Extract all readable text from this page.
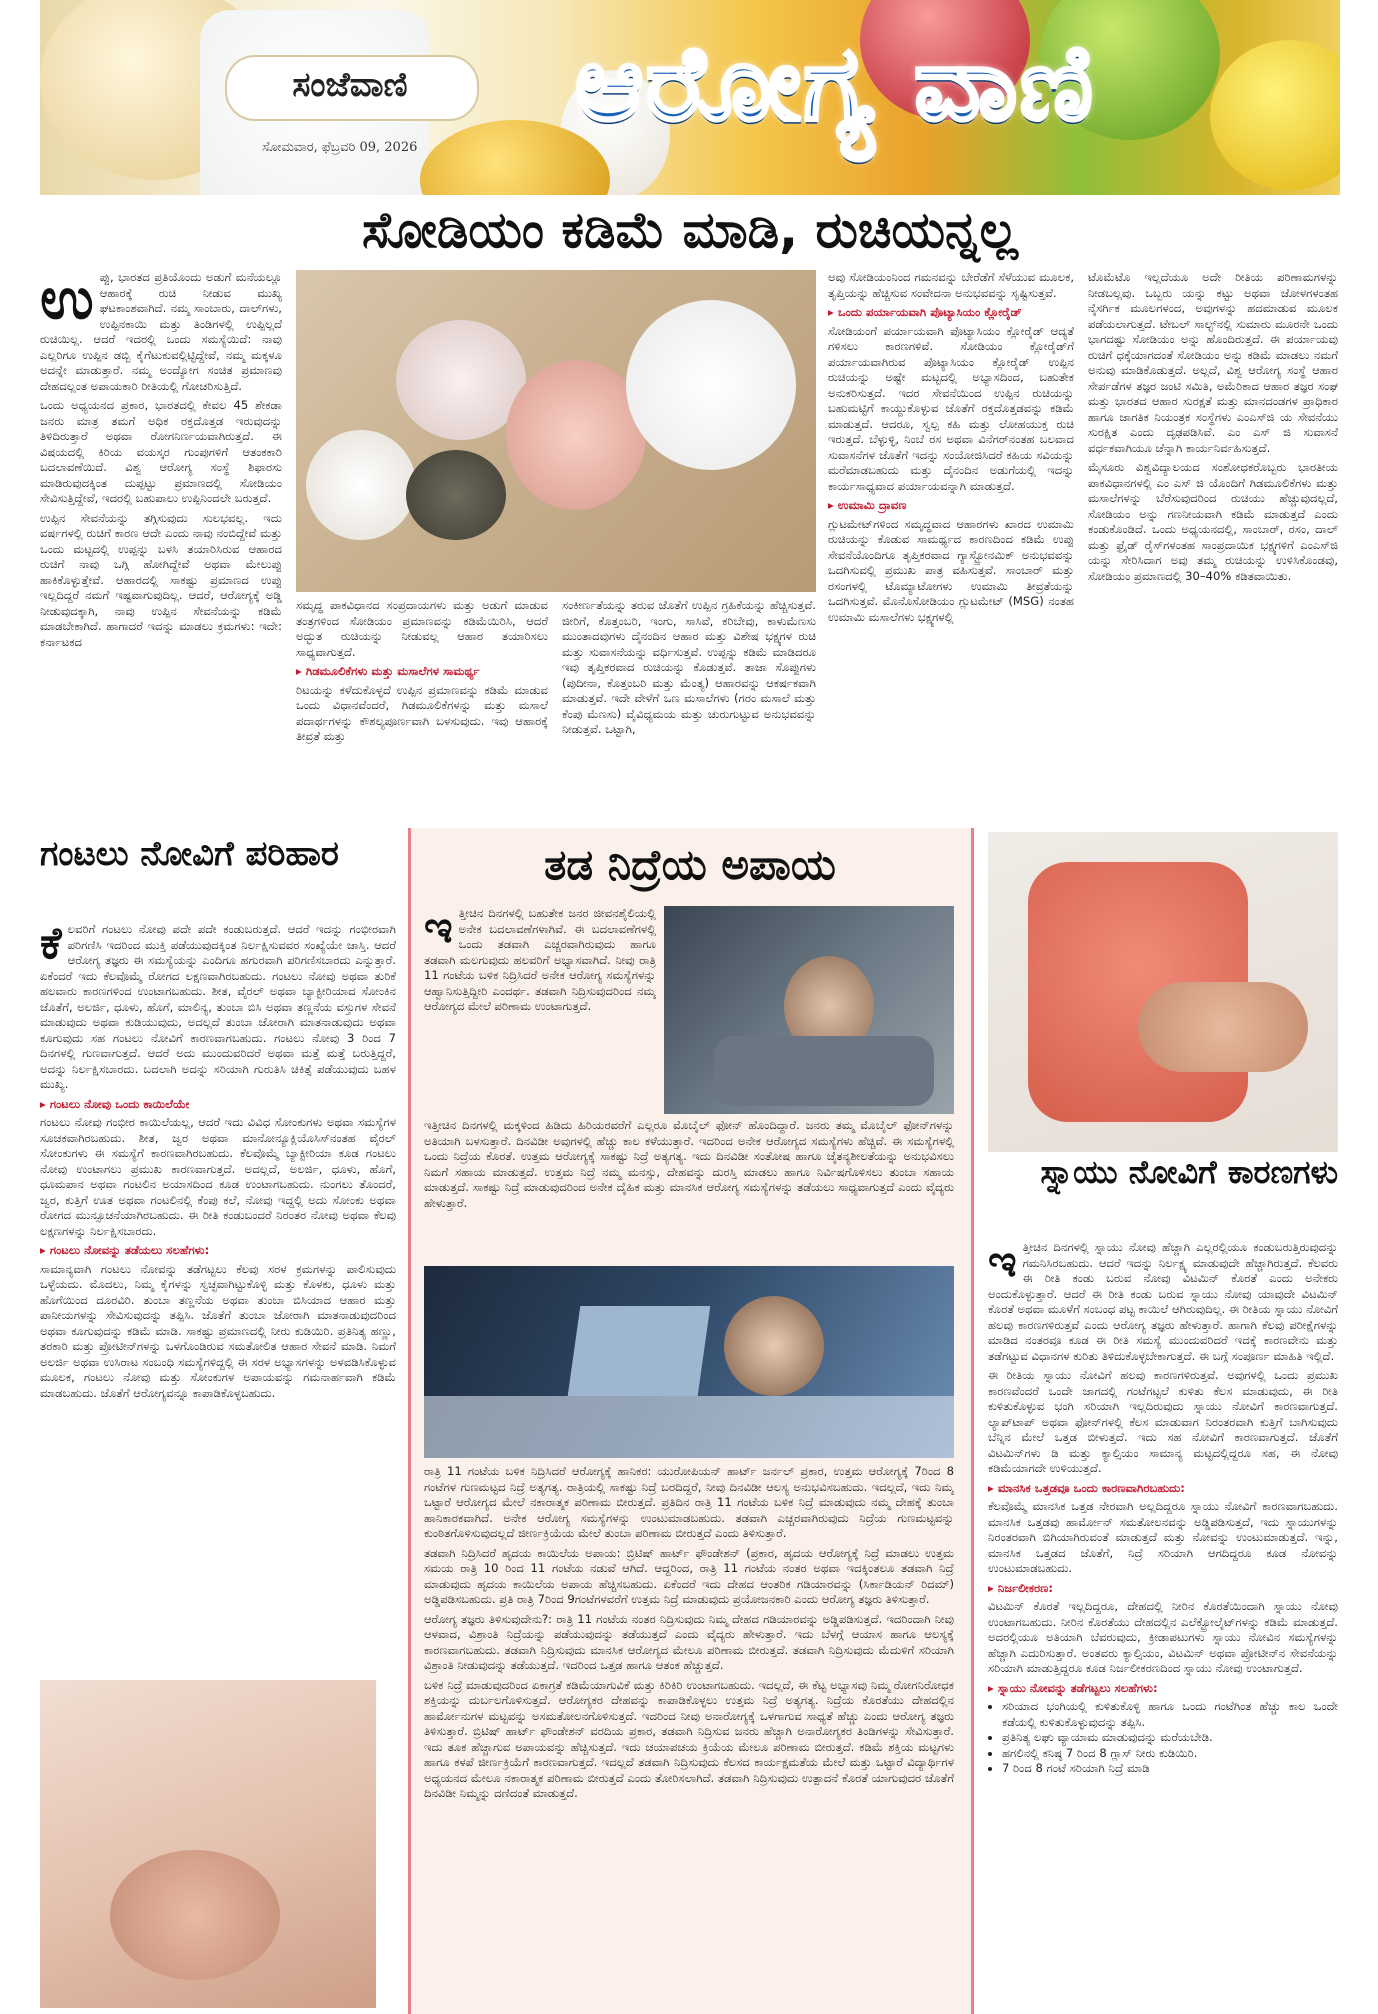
ಸಂಜೆವಾಣಿ
ಸೋಮವಾರ, ಫೆಬ್ರವರಿ 09, 2026
ಆರೋಗ್ಯ ವಾಣಿ
ಸೋಡಿಯಂ ಕಡಿಮೆ ಮಾಡಿ, ರುಚಿಯನ್ನಲ್ಲ
ಉ ಪ್ಪು, ಭಾರತದ ಪ್ರತಿಯೊಂದು ಅಡುಗೆ ಮನೆಯಲ್ಲೂ ಆಹಾರಕ್ಕೆ ರುಚಿ ನೀಡುವ ಮುಖ್ಯ ಘಟಕಾಂಶವಾಗಿದೆ. ನಮ್ಮ ಸಾಂಬಾರು, ದಾಲ್‌ಗಳು, ಉಪ್ಪಿನಕಾಯಿ ಮತ್ತು ತಿಂಡಿಗಳಲ್ಲಿ ಉಪ್ಪಿಲ್ಲದೆ ರುಚಿಯಿಲ್ಲ. ಆದರೆ ಇದರಲ್ಲಿ ಒಂದು ಸಮಸ್ಯೆಯಿದೆ: ನಾವು ಎಲ್ಲರಿಗೂ ಉಪ್ಪಿನ ಡಬ್ಬಿ ಕೈಗೆಟುಕುವಲ್ಲಿಟ್ಟಿದ್ದೇವೆ, ನಮ್ಮ ಮಕ್ಕಳೂ ಅದನ್ನೇ ಮಾಡುತ್ತಾರೆ. ನಮ್ಮ ಅಂದ್ಯೋಗ ಸಂಚಿತ ಪ್ರಮಾಣವು ದೇಹದಲ್ಲಂತ ಅಪಾಯಕಾರಿ ರೀತಿಯಲ್ಲಿ ಗೋಚರಿಸುತ್ತಿದೆ.

ಒಂದು ಅಧ್ಯಯನದ ಪ್ರಕಾರ, ಭಾರತದಲ್ಲಿ ಕೇವಲ 45 ಶೇಕಡಾ ಜನರು ಮಾತ್ರ ತಮಗೆ ಅಧಿಕ ರಕ್ತದೊತ್ತಡ ಇರುವುದನ್ನು ತಿಳಿದಿರುತ್ತಾರೆ ಅಥವಾ ರೋಗನಿರ್ಣಯವಾಗಿರುತ್ತದೆ. ಈ ವಿಷಯದಲ್ಲಿ ಕಿರಿಯ ವಯಸ್ಕರ ಗುಂಪುಗಳಿಗೆ ಆತಂಕಕಾರಿ ಬದಲಾವಣೆಯಿದೆ. ವಿಶ್ವ ಆರೋಗ್ಯ ಸಂಸ್ಥೆ ಶಿಫಾರಸು ಮಾಡಿರುವುದಕ್ಕಿಂತ ದುಪ್ಪಟ್ಟು ಪ್ರಮಾಣದಲ್ಲಿ ಸೋಡಿಯಂ ಸೇವಿಸುತ್ತಿದ್ದೇವೆ, ಇದರಲ್ಲಿ ಬಹುಪಾಲು ಉಪ್ಪಿನಿಂದಲೇ ಬರುತ್ತದೆ.

ಉಪ್ಪಿನ ಸೇವನೆಯನ್ನು ತಗ್ಗಿಸುವುದು ಸುಲಭವಲ್ಲ. ಇದು ವರ್ಷಗಳಲ್ಲಿ ರುಚಿಗೆ ಕಾರಣ ಆದೇ ಎಂದು ನಾವು ನಂಬಿದ್ದೇವೆ ಮತ್ತು ಒಂದು ಮಟ್ಟದಲ್ಲಿ ಉಪ್ಪನ್ನು ಬಳಸಿ ತಯಾರಿಸಿರುವ ಆಹಾರದ ರುಚಿಗೆ ನಾವು ಒಗ್ಗಿ ಹೋಗಿದ್ದೇವೆ ಅಥವಾ ಮೇಲುಪ್ಪು ಹಾಕಿಕೊಳ್ಳುತ್ತೇವೆ. ಆಹಾರದಲ್ಲಿ ಸಾಕಷ್ಟು ಪ್ರಮಾಣದ ಉಪ್ಪು ಇಲ್ಲದಿದ್ದರೆ ನಮಗೆ ಇಷ್ಟವಾಗುವುದಿಲ್ಲ. ಆದರೆ, ಆರೋಗ್ಯಕ್ಕೆ ಅಡ್ಡಿ ನೀಡುವುದಕ್ಕಾಗಿ, ನಾವು ಉಪ್ಪಿನ ಸೇವನೆಯನ್ನು ಕಡಿಮೆ ಮಾಡಬೇಕಾಗಿದೆ. ಹಾಗಾದರೆ ಇದನ್ನು ಮಾಡಲು ಕ್ರಮಗಳು: ಇದೇ: ಕರ್ನಾಟಕದ

ಸಮೃದ್ಧ ಪಾಕವಿಧಾನದ ಸಂಪ್ರದಾಯಗಳು ಮತ್ತು ಅಡುಗೆ ಮಾಡುವ ತಂತ್ರಗಳಿಂದ ಸೋಡಿಯಂ ಪ್ರಮಾಣವನ್ನು ಕಡಿಮೆಯಿರಿಸಿ, ಆದರೆ ಅದ್ಭುತ ರುಚಿಯನ್ನು ನೀಡುವಲ್ಲ ಆಹಾರ ತಯಾರಿಸಲು ಸಾಧ್ಯವಾಗುತ್ತದೆ.

▸ ಗಿಡಮೂಲಿಕೆಗಳು ಮತ್ತು ಮಸಾಲೆಗಳ ಸಾಮರ್ಥ್ಯ

ರಿಟಯನ್ನು ಕಳೆದುಕೊಳ್ಳದೆ ಉಪ್ಪಿನ ಪ್ರಮಾಣವನ್ನು ಕಡಿಮೆ ಮಾಡುವ ಒಂದು ವಿಧಾನವೆಂದರೆ, ಗಿಡಮೂಲಿಕೆಗಳನ್ನು ಮತ್ತು ಮಸಾಲೆ ಪದಾರ್ಥಗಳನ್ನು ಕೌಶಲ್ಯಪೂರ್ಣವಾಗಿ ಬಳಸುವುದು. ಇವು ಆಹಾರಕ್ಕೆ ತೀವ್ರತೆ ಮತ್ತು

ಸಂಕೀರ್ಣತೆಯನ್ನು ತರುವ ಜೊತೆಗೆ ಉಪ್ಪಿನ ಗ್ರಹಿಕೆಯನ್ನು ಹೆಚ್ಚಿಸುತ್ತವೆ. ಜೀರಿಗೆ, ಕೊತ್ತಂಬರಿ, ಇಂಗು, ಸಾಸಿವೆ, ಕರಿಬೇವು, ಕಾಳುಮೆಣಸು ಮುಂತಾದವುಗಳು ದೈನಂದಿನ ಆಹಾರ ಮತ್ತು ವಿಶೇಷ ಭಕ್ಷ್ಯಗಳ ರುಚಿ ಮತ್ತು ಸುವಾಸನೆಯನ್ನು ವರ್ಧಿಸುತ್ತವೆ. ಉಪ್ಪನ್ನು ಕಡಿಮೆ ಮಾಡಿದರೂ ಇವು ತೃಪ್ತಿಕರವಾದ ರುಚಿಯನ್ನು ಕೊಡುತ್ತವೆ. ತಾಜಾ ಸೊಪ್ಪುಗಳು (ಪುದೀನಾ, ಕೊತ್ತಂಬರಿ ಮತ್ತು ಮೆಂತ್ಯ) ಆಹಾರವನ್ನು ಆಕರ್ಷಕವಾಗಿ ಮಾಡುತ್ತವೆ. ಇದೇ ವೇಳೆಗೆ ಒಣ ಮಸಾಲೆಗಳು (ಗರಂ ಮಸಾಲೆ ಮತ್ತು ಕೆಂಪು ಮೆಣಸು) ವೈವಿಧ್ಯಮಯ ಮತ್ತು ಚುರುಗುಟ್ಟುವ ಅನುಭವವನ್ನು ನೀಡುತ್ತವೆ. ಒಟ್ಟಾಗಿ,

ಅವು ಸೋಡಿಯಂನಿಂದ ಗಮನವನ್ನು ಬೇರೆಡೆಗೆ ಸೆಳೆಯುವ ಮೂಲಕ, ತೃಪ್ತಿಯನ್ನು ಹೆಚ್ಚಿಸುವ ಸಂವೇದನಾ ಅನುಭವವನ್ನು ಸೃಷ್ಟಿಸುತ್ತವೆ.

▸ ಒಂದು ಪರ್ಯಾಯವಾಗಿ ಪೊಟ್ಯಾಸಿಯಂ ಕ್ಲೋರೈಡ್

ಸೋಡಿಯಂಗೆ ಪರ್ಯಾಯವಾಗಿ ಪೊಟ್ಯಾಸಿಯಂ ಕ್ಲೋರೈಡ್ ಆದ್ಯತೆ ಗಳಿಸಲು ಕಾರಣಗಳಿವೆ. ಸೋಡಿಯಂ ಕ್ಲೋರೈಡ್‌ಗೆ ಪರ್ಯಾಯವಾಗಿರುವ ಪೊಟ್ಯಾಸಿಯಂ ಕ್ಲೋರೈಡ್ ಉಪ್ಪಿನ ರುಚಿಯನ್ನು ಅಷ್ಟೇ ಮಟ್ಟದಲ್ಲಿ ಅಭ್ಯಾಸದಿಂದ, ಬಹುತೇಕ ಅನುಕರಿಸುತ್ತದೆ. ಇದರ ಸೇವನೆಯಿಂದ ಉಪ್ಪಿನ ರುಚಿಯನ್ನು ಬಹುಮಟ್ಟಿಗೆ ಕಾಯ್ದುಕೊಳ್ಳುವ ಜೊತೆಗೆ ರಕ್ತದೊತ್ತಡವನ್ನು ಕಡಿಮೆ ಮಾಡುತ್ತದೆ. ಆದರೂ, ಸ್ವಲ್ಪ ಕಹಿ ಮತ್ತು ಲೋಹಯುಕ್ತ ರುಚಿ ಇರುತ್ತದೆ. ಬೆಳ್ಳುಳ್ಳಿ, ನಿಂಬೆ ರಸ ಅಥವಾ ವಿನೆಗರ್‌ನಂತಹ ಬಲವಾದ ಸುವಾಸನೆಗಳ ಜೊತೆಗೆ ಇದನ್ನು ಸಂಯೋಜಿಸಿದರೆ ಕಹಿಯ ಸವಿಯನ್ನು ಮರೆಮಾಡಬಹುದು ಮತ್ತು ದೈನಂದಿನ ಅಡುಗೆಯಲ್ಲಿ ಇದನ್ನು ಕಾರ್ಯಸಾಧ್ಯವಾದ ಪರ್ಯಾಯವನ್ನಾಗಿ ಮಾಡುತ್ತದೆ.

▸ ಉಮಾಮಿ ದ್ರಾವಣ

ಗ್ಲುಟಮೇಟ್‌ಗಳಿಂದ ಸಮೃದ್ಧವಾದ ಆಹಾರಗಳು ಖಾರದ ಉಮಾಮಿ ರುಚಿಯನ್ನು ಕೊಡುವ ಸಾಮರ್ಥ್ಯದ ಕಾರಣದಿಂದ ಕಡಿಮೆ ಉಪ್ಪು ಸೇವನೆಯೊಂದಿಗೂ ತೃಪ್ತಿಕರವಾದ ಗ್ಯಾಸ್ಟ್ರೋನಮಿಕ್ ಅನುಭವವನ್ನು ಒದಗಿಸುವಲ್ಲಿ ಪ್ರಮುಖ ಪಾತ್ರ ವಹಿಸುತ್ತವೆ. ಸಾಂಬಾರ್ ಮತ್ತು ರಸಂಗಳಲ್ಲಿ ಟೊಮ್ಯಾಟೋಗಳು ಉಮಾಮಿ ತೀವ್ರತೆಯನ್ನು ಒದಗಿಸುತ್ತವೆ. ಮೊನೊಸೋಡಿಯಂ ಗ್ಲುಟಮೇಟ್ (MSG) ನಂತಹ ಉಮಾಮಿ ಮಸಾಲೆಗಳು ಭಕ್ಷ್ಯಗಳಲ್ಲಿ

ಟೊಮೆಟೊ ಇಲ್ಲದೆಯೂ ಅದೇ ರೀತಿಯ ಪರಿಣಾಮಗಳನ್ನು ನೀಡಬಲ್ಲವು. ಒಬ್ಬರು ಯನ್ನು ಕಟ್ಟು ಅಥವಾ ಜೋಳಗಳಂತಹ ನೈಸರ್ಗಿಕ ಮೂಲಗಳಂದ, ಅವುಗಳನ್ನು ಹದಮಾಡುವ ಮೂಲಕ ಪಡೆಯಲಾಗುತ್ತದೆ. ಟೇಬಲ್ ಸಾಲ್ಟ್‌ನಲ್ಲಿ ಸುಮಾರು ಮೂರನೇ ಒಂದು ಭಾಗದಷ್ಟು ಸೋಡಿಯಂ ಅನ್ನು ಹೊಂದಿರುತ್ತದೆ. ಈ ಪರ್ಯಾಯವು ರುಚಿಗೆ ಧಕ್ಕೆಯಾಗದಂತೆ ಸೋಡಿಯಂ ಅನ್ನು ಕಡಿಮೆ ಮಾಡಲು ನಮಗೆ ಅನುವು ಮಾಡಿಕೊಡುತ್ತದೆ. ಅಲ್ಲದೆ, ವಿಶ್ವ ಆರೋಗ್ಯ ಸಂಸ್ಥೆ ಆಹಾರ ಸೇರ್ಪಡೆಗಳ ತಜ್ಞರ ಜಂಟಿ ಸಮಿತಿ, ಅಮೆರಿಕಾದ ಆಹಾರ ತಜ್ಞರ ಸಂಘ ಮತ್ತು ಭಾರತದ ಆಹಾರ ಸುರಕ್ಷತೆ ಮತ್ತು ಮಾನದಂಡಗಳ ಪ್ರಾಧಿಕಾರ ಹಾಗೂ ಜಾಗತಿಕ ನಿಯಂತ್ರಕ ಸಂಸ್ಥೆಗಳು ಎಂಎಸ್‌ಜಿ ಯ ಸೇವನೆಯು ಸುರಕ್ಷಿತ ಎಂದು ದೃಢಪಡಿಸಿವೆ. ಎಂ ಎಸ್ ಜಿ ಸುವಾಸನೆ ವರ್ಧಕವಾಗಿಯೂ ಚೆನ್ನಾಗಿ ಕಾರ್ಯನಿರ್ವಹಿಸುತ್ತದೆ.

ಮೈಸೂರು ವಿಶ್ವವಿದ್ಯಾಲಯದ ಸಂಶೋಧಕರೊಬ್ಬರು ಭಾರತೀಯ ಪಾಕವಿಧಾನಗಳಲ್ಲಿ ಎಂ ಎಸ್ ಜಿ ಯೊಂದಿಗೆ ಗಿಡಮೂಲಿಕೆಗಳು ಮತ್ತು ಮಸಾಲೆಗಳನ್ನು ಬೆರೆಸುವುದರಿಂದ ರುಚಿಯು ಹೆಚ್ಚುವುದಲ್ಲದೆ, ಸೋಡಿಯಂ ಅನ್ನು ಗಣನೀಯವಾಗಿ ಕಡಿಮೆ ಮಾಡುತ್ತದೆ ಎಂದು ಕಂಡುಕೊಂಡಿದೆ. ಒಂದು ಅಧ್ಯಯನದಲ್ಲಿ, ಸಾಂಬಾರ್, ರಸಂ, ದಾಲ್ ಮತ್ತು ಫ್ರೈಡ್ ರೈಸ್‌ಗಳಂತಹ ಸಾಂಪ್ರದಾಯಿಕ ಭಕ್ಷ್ಯಗಳಿಗೆ ಎಂಎಸ್‌ಜಿ ಯನ್ನು ಸೇರಿಸಿದಾಗ ಅವು ತಮ್ಮ ರುಚಿಯನ್ನು ಉಳಿಸಿಕೊಂಡವು, ಸೋಡಿಯಂ ಪ್ರಮಾಣದಲ್ಲಿ 30–40% ಕಡಿತವಾಯಿತು.

ಗಂಟಲು ನೋವಿಗೆ ಪರಿಹಾರ
ಕೆ ಲವರಿಗೆ ಗಂಟಲು ನೋವು ಪದೇ ಪದೇ ಕಂಡುಬರುತ್ತದೆ. ಆದರೆ ಇದನ್ನು ಗಂಭೀರವಾಗಿ ಪರಿಗಣಿಸಿ ಇದರಿಂದ ಮುಕ್ತಿ ಪಡೆಯುವುದಕ್ಕಿಂತ ನಿರ್ಲಕ್ಷಿಸುವವರ ಸಂಖ್ಯೆಯೇ ಜಾಸ್ತಿ. ಆದರೆ ಆರೋಗ್ಯ ತಜ್ಞರು ಈ ಸಮಸ್ಯೆಯನ್ನು ಎಂದಿಗೂ ಹಗುರವಾಗಿ ಪರಿಗಣಿಸಬಾರದು ಎನ್ನುತ್ತಾರೆ. ಏಕೆಂದರೆ ಇದು ಕೆಲವೊಮ್ಮೆ ರೋಗದ ಲಕ್ಷಣವಾಗಿರಬಹುದು. ಗಂಟಲು ನೋವು ಅಥವಾ ತುರಿಕೆ ಹಲವಾರು ಕಾರಣಗಳಿಂದ ಉಂಟಾಗಬಹುದು. ಶೀತ, ವೈರಲ್ ಅಥವಾ ಬ್ಯಾಕ್ಟೀರಿಯಾದ ಸೋಂಕಿನ ಜೊತೆಗೆ, ಅಲರ್ಜಿ, ಧೂಳು, ಹೊಗೆ, ಮಾಲಿನ್ಯ, ತುಂಬಾ ಬಿಸಿ ಅಥವಾ ತಣ್ಣನೆಯ ವಸ್ತುಗಳ ಸೇವನೆ ಮಾಡುವುದು ಅಥವಾ ಕುಡಿಯುವುದು, ಅದಲ್ಲದೆ ತುಂಬಾ ಜೋರಾಗಿ ಮಾತನಾಡುವುದು ಅಥವಾ ಕೂಗುವುದು ಸಹ ಗಂಟಲು ನೋವಿಗೆ ಕಾರಣವಾಗಬಹುದು. ಗಂಟಲು ನೋವು 3 ರಿಂದ 7 ದಿನಗಳಲ್ಲಿ ಗುಣವಾಗುತ್ತದೆ. ಆದರೆ ಅದು ಮುಂದುವರಿದರೆ ಅಥವಾ ಮತ್ತೆ ಮತ್ತೆ ಬರುತ್ತಿದ್ದರೆ, ಅದನ್ನು ನಿರ್ಲಕ್ಷಿಸಬಾರದು. ಬದಲಾಗಿ ಅದನ್ನು ಸರಿಯಾಗಿ ಗುರುತಿಸಿ ಚಿಕಿತ್ಸೆ ಪಡೆಯುವುದು ಬಹಳ ಮುಖ್ಯ.

▸ ಗಂಟಲು ನೋವು ಒಂದು ಕಾಯಿಲೆಯೇ

ಗಂಟಲು ನೋವು ಗಂಭೀರ ಕಾಯಿಲೆಯಲ್ಲ, ಆದರೆ ಇದು ವಿವಿಧ ಸೋಂಕುಗಳು ಅಥವಾ ಸಮಸ್ಯೆಗಳ ಸೂಚಕವಾಗಿರಬಹುದು. ಶೀತ, ಜ್ವರ ಅಥವಾ ಮಾನೋನ್ಯೂಕ್ಲಿಯೊಸಿಸ್‌ನಂತಹ ವೈರಲ್ ಸೋಂಕುಗಳು ಈ ಸಮಸ್ಯೆಗೆ ಕಾರಣವಾಗಿರಬಹುದು. ಕೆಲವೊಮ್ಮೆ ಬ್ಯಾಕ್ಟೀರಿಯಾ ಕೂಡ ಗಂಟಲು ನೋವು ಉಂಟಾಗಲು ಪ್ರಮುಖ ಕಾರಣವಾಗುತ್ತದೆ. ಅದಲ್ಲದೆ, ಅಲರ್ಜಿ, ಧೂಳು, ಹೊಗೆ, ಧೂಮಪಾನ ಅಥವಾ ಗಂಟಲಿನ ಅಯಾಸದಿಂದ ಕೂಡ ಉಂಟಾಗಬಹುದು. ನುಂಗಲು ತೊಂದರೆ, ಜ್ವರ, ಕುತ್ತಿಗೆ ಊತ ಅಥವಾ ಗಂಟಲಿನಲ್ಲಿ ಕೆಂಪು ಕಲೆ, ನೋವು ಇದ್ದಲ್ಲಿ ಅದು ಸೋಂಕು ಅಥವಾ ರೋಗದ ಮುನ್ಸೂಚನೆಯಾಗಿರಬಹುದು. ಈ ರೀತಿ ಕಂಡುಬಂದರೆ ನಿರಂತರ ನೋವು ಅಥವಾ ಕೆಲವು ಲಕ್ಷಣಗಳನ್ನು ನಿರ್ಲಕ್ಷಿಸಬಾರದು.

▸ ಗಂಟಲು ನೋವನ್ನು ತಡೆಯಲು ಸಲಹೆಗಳು:

ಸಾಮಾನ್ಯವಾಗಿ ಗಂಟಲು ನೋವನ್ನು ತಡೆಗಟ್ಟಲು ಕೆಲವು ಸರಳ ಕ್ರಮಗಳನ್ನು ಪಾಲಿಸುವುದು ಒಳ್ಳೆಯದು. ಮೊದಲು, ನಿಮ್ಮ ಕೈಗಳನ್ನು ಸ್ವಚ್ಛವಾಗಿಟ್ಟುಕೊಳ್ಳಿ ಮತ್ತು ಕೊಳಕು, ಧೂಳು ಮತ್ತು ಹೊಗೆಯಿಂದ ದೂರವಿರಿ. ತುಂಬಾ ತಣ್ಣನೆಯ ಅಥವಾ ತುಂಬಾ ಬಿಸಿಯಾದ ಆಹಾರ ಮತ್ತು ಪಾನೀಯಗಳನ್ನು ಸೇವಿಸುವುದನ್ನು ತಪ್ಪಿಸಿ. ಜೊತೆಗೆ ತುಂಬಾ ಜೋರಾಗಿ ಮಾತನಾಡುವುದರಿಂದ ಅಥವಾ ಕೂಗುವುದನ್ನು ಕಡಿಮೆ ಮಾಡಿ. ಸಾಕಷ್ಟು ಪ್ರಮಾಣದಲ್ಲಿ ನೀರು ಕುಡಿಯಿರಿ. ಪ್ರತಿನಿತ್ಯ ಹಣ್ಣು, ತರಕಾರಿ ಮತ್ತು ಪ್ರೋಟೀನ್‌ಗಳನ್ನು ಒಳಗೊಂಡಿರುವ ಸಮತೋಲಿತ ಆಹಾರ ಸೇವನೆ ಮಾಡಿ. ನಿಮಗೆ ಅಲರ್ಜಿ ಅಥವಾ ಉಸಿರಾಟ ಸಂಬಂಧಿ ಸಮಸ್ಯೆಗಳಿದ್ದಲ್ಲಿ ಈ ಸರಳ ಅಭ್ಯಾಸಗಳನ್ನು ಅಳವಡಿಸಿಕೊಳ್ಳುವ ಮೂಲಕ, ಗಂಟಲು ನೋವು ಮತ್ತು ಸೋಂಕುಗಳ ಅಪಾಯವನ್ನು ಗಮನಾರ್ಹವಾಗಿ ಕಡಿಮೆ ಮಾಡಬಹುದು. ಜೊತೆಗೆ ಆರೋಗ್ಯವನ್ನೂ ಕಾಪಾಡಿಕೊಳ್ಳಬಹುದು.

ತಡ ನಿದ್ರೆಯ ಅಪಾಯ
ಇ ತ್ತೀಚಿನ ದಿನಗಳಲ್ಲಿ ಬಹುತೇಕ ಜನರ ಜೀವನಶೈಲಿಯಲ್ಲಿ ಅನೇಕ ಬದಲಾವಣೆಗಳಾಗಿವೆ. ಈ ಬದಲಾವಣೆಗಳಲ್ಲಿ ಒಂದು ತಡವಾಗಿ ಎಚ್ಚರವಾಗಿರುವುದು ಹಾಗೂ ತಡವಾಗಿ ಮಲಗುವುದು ಹಲವರಿಗೆ ಅಭ್ಯಾಸವಾಗಿದೆ. ನೀವು ರಾತ್ರಿ 11 ಗಂಟೆಯ ಬಳಿಕ ನಿದ್ರಿಸಿದರೆ ಅನೇಕ ಆರೋಗ್ಯ ಸಮಸ್ಯೆಗಳನ್ನು ಆಹ್ವಾನಿಸುತ್ತಿದ್ದೀರಿ ಎಂದರ್ಥ. ತಡವಾಗಿ ನಿದ್ರಿಸುವುದರಿಂದ ನಮ್ಮ ಆರೋಗ್ಯದ ಮೇಲೆ ಪರಿಣಾಮ ಉಂಟಾಗುತ್ತದೆ.

ಇತ್ತೀಚಿನ ದಿನಗಳಲ್ಲಿ ಮಕ್ಕಳಿಂದ ಹಿಡಿದು ಹಿರಿಯರವರೆಗೆ ಎಲ್ಲರೂ ಮೊಬೈಲ್ ಫೋನ್ ಹೊಂದಿದ್ದಾರೆ. ಜನರು ತಮ್ಮ ಮೊಬೈಲ್ ಫೋನ್‌ಗಳನ್ನು ಅತಿಯಾಗಿ ಬಳಸುತ್ತಾರೆ. ದಿನವಿಡೀ ಅವುಗಳಲ್ಲಿ ಹೆಚ್ಚು ಕಾಲ ಕಳೆಯುತ್ತಾರೆ. ಇದರಿಂದ ಅನೇಕ ಆರೋಗ್ಯದ ಸಮಸ್ಯೆಗಳು ಹೆಚ್ಚಿವೆ. ಈ ಸಮಸ್ಯೆಗಳಲ್ಲಿ ಒಂದು ನಿದ್ರೆಯ ಕೊರತೆ. ಉತ್ತಮ ಆರೋಗ್ಯಕ್ಕೆ ಸಾಕಷ್ಟು ನಿದ್ರೆ ಅತ್ಯಗತ್ಯ. ಇದು ದಿನವಿಡೀ ಸಂತೋಷ ಹಾಗೂ ಚೈತನ್ಯಶೀಲತೆಯನ್ನು ಅನುಭವಿಸಲು ನಿಮಗೆ ಸಹಾಯ ಮಾಡುತ್ತದೆ. ಉತ್ತಮ ನಿದ್ರೆ ನಮ್ಮ ಮನಸ್ಸು, ದೇಹವನ್ನು ದುರಸ್ತಿ ಮಾಡಲು ಹಾಗೂ ನಿರ್ವಿಷಗೊಳಿಸಲು ತುಂಬಾ ಸಹಾಯ ಮಾಡುತ್ತದೆ. ಸಾಕಷ್ಟು ನಿದ್ರೆ ಮಾಡುವುದರಿಂದ ಅನೇಕ ದೈಹಿಕ ಮತ್ತು ಮಾನಸಿಕ ಆರೋಗ್ಯ ಸಮಸ್ಯೆಗಳನ್ನು ತಡೆಯಲು ಸಾಧ್ಯವಾಗುತ್ತದೆ ಎಂದು ವೈದ್ಯರು ಹೇಳುತ್ತಾರೆ.

ರಾತ್ರಿ 11 ಗಂಟೆಯ ಬಳಿಕ ನಿದ್ರಿಸಿದರೆ ಆರೋಗ್ಯಕ್ಕೆ ಹಾನಿಕರ: ಯುರೋಪಿಯನ್ ಹಾರ್ಟ್ ಜರ್ನಲ್ ಪ್ರಕಾರ, ಉತ್ತಮ ಆರೋಗ್ಯಕ್ಕೆ 7ರಿಂದ 8 ಗಂಟೆಗಳ ಗುಣಮಟ್ಟದ ನಿದ್ರೆ ಅತ್ಯಗತ್ಯ. ರಾತ್ರಿಯಲ್ಲಿ ಸಾಕಷ್ಟು ನಿದ್ರೆ ಬರದಿದ್ದರೆ, ನೀವು ದಿನವಿಡೀ ಆಲಸ್ಯ ಅನುಭವಿಸಬಹುದು. ಇದಲ್ಲದೆ, ಇದು ನಿಮ್ಮ ಒಟ್ಟಾರೆ ಆರೋಗ್ಯದ ಮೇಲೆ ನಕಾರಾತ್ಮಕ ಪರಿಣಾಮ ಬೀರುತ್ತದೆ. ಪ್ರತಿದಿನ ರಾತ್ರಿ 11 ಗಂಟೆಯ ಬಳಿಕ ನಿದ್ರೆ ಮಾಡುವುದು ನಮ್ಮ ದೇಹಕ್ಕೆ ತುಂಬಾ ಹಾನಿಕಾರಕವಾಗಿದೆ. ಅನೇಕ ಆರೋಗ್ಯ ಸಮಸ್ಯೆಗಳನ್ನು ಉಂಟುಮಾಡಬಹುದು. ತಡವಾಗಿ ಎಚ್ಚರವಾಗಿರುವುದು ನಿದ್ರೆಯ ಗುಣಮಟ್ಟವನ್ನು ಕುಂಠಿತಗೊಳಿಸುವುದಲ್ಲದೆ ಜೀರ್ಣಕ್ರಿಯೆಯ ಮೇಲೆ ತುಂಬಾ ಪರಿಣಾಮ ಬೀರುತ್ತದೆ ಎಂದು ತಿಳಿಸುತ್ತಾರೆ.

ತಡವಾಗಿ ನಿದ್ರಿಸಿದರೆ ಹೃದಯ ಕಾಯಿಲೆಯ ಅಪಾಯ: ಬ್ರಿಟಿಷ್ ಹಾರ್ಟ್ ಫೌಂಡೇಶನ್ (ಪ್ರಕಾರ, ಹೃದಯ ಆರೋಗ್ಯಕ್ಕೆ ನಿದ್ರೆ ಮಾಡಲು ಉತ್ತಮ ಸಮಯ ರಾತ್ರಿ 10 ರಿಂದ 11 ಗಂಟೆಯ ನಡುವೆ ಆಗಿದೆ. ಆದ್ದರಿಂದ, ರಾತ್ರಿ 11 ಗಂಟೆಯ ನಂತರ ಅಥವಾ ಇದಕ್ಕಿಂತಲೂ ತಡವಾಗಿ ನಿದ್ರೆ ಮಾಡುವುದು ಹೃದಯ ಕಾಯಿಲೆಯ ಅಪಾಯ ಹೆಚ್ಚಿಸಬಹುದು. ಏಕೆಂದರೆ ಇದು ದೇಹದ ಆಂತರಿಕ ಗಡಿಯಾರವನ್ನು (ಸಿರ್ಕಾಡಿಯನ್ ರಿದಮ್) ಅಡ್ಡಿಪಡಿಸಬಹುದು. ಪ್ರತಿ ರಾತ್ರಿ 7ರಿಂದ 9ಗಂಟೆಗಳವರೆಗೆ ಉತ್ತಮ ನಿದ್ರೆ ಮಾಡುವುದು ಪ್ರಯೋಜನಕಾರಿ ಎಂದು ಆರೋಗ್ಯ ತಜ್ಞರು ತಿಳಿಸುತ್ತಾರೆ.

ಆರೋಗ್ಯ ತಜ್ಞರು ತಿಳಿಸುವುದೇನು?: ರಾತ್ರಿ 11 ಗಂಟೆಯ ನಂತರ ನಿದ್ರಿಸುವುದು ನಿಮ್ಮ ದೇಹದ ಗಡಿಯಾರವನ್ನು ಅಡ್ಡಿಪಡಿಸುತ್ತದೆ. ಇದರಿಂದಾಗಿ ನೀವು ಆಳವಾದ, ವಿಶ್ರಾಂತಿ ನಿದ್ರೆಯನ್ನು ಪಡೆಯುವುದನ್ನು ತಡೆಯುತ್ತದೆ ಎಂದು ವೈದ್ಯರು ಹೇಳುತ್ತಾರೆ. ಇದು ಬೆಳಗ್ಗೆ ಆಯಾಸ ಹಾಗೂ ಆಲಸ್ಯಕ್ಕೆ ಕಾರಣವಾಗಬಹುದು. ತಡವಾಗಿ ನಿದ್ರಿಸುವುದು ಮಾನಸಿಕ ಆರೋಗ್ಯದ ಮೇಲೂ ಪರಿಣಾಮ ಬೀರುತ್ತದೆ. ತಡವಾಗಿ ನಿದ್ರಿಸುವುದು ಮೆದುಳಿಗೆ ಸರಿಯಾಗಿ ವಿಶ್ರಾಂತಿ ನೀಡುವುದನ್ನು ತಡೆಯುತ್ತದೆ. ಇದರಿಂದ ಒತ್ತಡ ಹಾಗೂ ಆತಂಕ ಹೆಚ್ಚುತ್ತದೆ.

ಬಳಿಕ ನಿದ್ರೆ ಮಾಡುವುದರಿಂದ ಏಕಾಗ್ರತೆ ಕಡಿಮೆಯಾಗುವಿಕೆ ಮತ್ತು ಕಿರಿಕಿರಿ ಉಂಟಾಗಬಹುದು. ಇದಲ್ಲದೆ, ಈ ಕೆಟ್ಟ ಅಭ್ಯಾಸವು ನಿಮ್ಮ ರೋಗನಿರೋಧಕ ಶಕ್ತಿಯನ್ನು ದುರ್ಬಲಗೊಳಿಸುತ್ತದೆ. ಆರೋಗ್ಯಕರ ದೇಹವನ್ನು ಕಾಪಾಡಿಕೊಳ್ಳಲು ಉತ್ತಮ ನಿದ್ರೆ ಅತ್ಯಗತ್ಯ. ನಿದ್ರೆಯ ಕೊರತೆಯು ದೇಹದಲ್ಲಿನ ಹಾರ್ಮೋನುಗಳ ಮಟ್ಟವನ್ನು ಅಸಮತೋಲನಗೊಳಿಸುತ್ತದೆ. ಇದರಿಂದ ನೀವು ಅನಾರೋಗ್ಯಕ್ಕೆ ಒಳಗಾಗುವ ಸಾಧ್ಯತೆ ಹೆಚ್ಚು ಎಂದು ಆರೋಗ್ಯ ತಜ್ಞರು ತಿಳಿಸುತ್ತಾರೆ. ಬ್ರಿಟಿಷ್ ಹಾರ್ಟ್ ಫೌಂಡೇಶನ್ ವರದಿಯ ಪ್ರಕಾರ, ತಡವಾಗಿ ನಿದ್ರಿಸುವ ಜನರು ಹೆಚ್ಚಾಗಿ ಅನಾರೋಗ್ಯಕರ ತಿಂಡಿಗಳನ್ನು ಸೇವಿಸುತ್ತಾರೆ. ಇದು ತೂಕ ಹೆಚ್ಚಾಗುವ ಅಪಾಯವನ್ನು ಹೆಚ್ಚಿಸುತ್ತದೆ. ಇದು ಚಯಾಪಚಯ ಕ್ರಿಯೆಯ ಮೇಲೂ ಪರಿಣಾಮ ಬೀರುತ್ತದೆ. ಕಡಿಮೆ ಶಕ್ತಿಯ ಮಟ್ಟಗಳು ಹಾಗೂ ಕಳಪೆ ಜೀರ್ಣಕ್ರಿಯೆಗೆ ಕಾರಣವಾಗುತ್ತದೆ. ಇದಲ್ಲದೆ ತಡವಾಗಿ ನಿದ್ರಿಸುವುದು ಕೆಲಸದ ಕಾರ್ಯಕ್ಷಮತೆಯ ಮೇಲೆ ಮತ್ತು ಒಟ್ಟಾರೆ ವಿದ್ಯಾರ್ಥಿಗಳ ಅಧ್ಯಯನದ ಮೇಲೂ ನಕಾರಾತ್ಮಕ ಪರಿಣಾಮ ಬೀರುತ್ತದೆ ಎಂದು ತೋರಿಸಲಾಗಿದೆ. ತಡವಾಗಿ ನಿದ್ರಿಸುವುದು ಉತ್ಪಾದನೆ ಕೊರತೆ ಯಾಗುವುದರ ಜೊತೆಗೆ ದಿನವಿಡೀ ನಿಮ್ಮನ್ನು ದಣಿದಂತೆ ಮಾಡುತ್ತದೆ.

ಸ್ನಾಯು ನೋವಿಗೆ ಕಾರಣಗಳು
ಇ ತ್ತೀಚಿನ ದಿನಗಳಲ್ಲಿ ಸ್ನಾಯು ನೋವು ಹೆಚ್ಚಾಗಿ ಎಲ್ಲರಲ್ಲಿಯೂ ಕಂಡುಬರುತ್ತಿರುವುದನ್ನು ಗಮನಿಸಿರಬಹುದು. ಆದರೆ ಇದನ್ನು ನಿರ್ಲಕ್ಷ್ಯ ಮಾಡುವುದೇ ಹೆಚ್ಚಾಗಿರುತ್ತದೆ. ಕೆಲವರು ಈ ರೀತಿ ಕಂಡು ಬರುವ ನೋವು ವಿಟಮಿನ್ ಕೊರತೆ ಎಂದು ಅನೇಕರು ಅಂದುಕೊಳ್ಳುತ್ತಾರೆ. ಆದರೆ ಈ ರೀತಿ ಕಂಡು ಬರುವ ಸ್ನಾಯು ನೋವು ಯಾವುದೇ ವಿಟಮಿನ್ ಕೊರತೆ ಅಥವಾ ಮೂಳೆಗೆ ಸಂಬಂಧ ಪಟ್ಟ ಕಾಯಿಲೆ ಆಗಿರುವುದಿಲ್ಲ. ಈ ರೀತಿಯ ಸ್ನಾಯು ನೋವಿಗೆ ಹಲವು ಕಾರಣಗಳಿರುತ್ತವೆ ಎಂದು ಆರೋಗ್ಯ ತಜ್ಞರು ಹೇಳುತ್ತಾರೆ. ಹಾಗಾಗಿ ಕೆಲವು ಪರೀಕ್ಷೆಗಳನ್ನು ಮಾಡಿದ ನಂತರವೂ ಕೂಡ ಈ ರೀತಿ ಸಮಸ್ಯೆ ಮುಂದುವರಿದರೆ ಇದಕ್ಕೆ ಕಾರಣವೇನು ಮತ್ತು ತಡೆಗಟ್ಟುವ ವಿಧಾನಗಳ ಕುರಿತು ತಿಳಿದುಕೊಳ್ಳಬೇಕಾಗುತ್ತದೆ. ಈ ಬಗ್ಗೆ ಸಂಪೂರ್ಣ ಮಾಹಿತಿ ಇಲ್ಲಿದೆ.

ಈ ರೀತಿಯ ಸ್ನಾಯು ನೋವಿಗೆ ಹಲವು ಕಾರಣಗಳಿರುತ್ತವೆ. ಅವುಗಳಲ್ಲಿ ಒಂದು ಪ್ರಮುಖ ಕಾರಣವೆಂದರೆ ಒಂದೇ ಜಾಗದಲ್ಲಿ ಗಂಟೆಗಟ್ಟಲೆ ಕುಳಿತು ಕೆಲಸ ಮಾಡುವುದು, ಈ ರೀತಿ ಕುಳಿತುಕೊಳ್ಳುವ ಭಂಗಿ ಸರಿಯಾಗಿ ಇಲ್ಲದಿರುವುದು ಸ್ನಾಯು ನೋವಿಗೆ ಕಾರಣವಾಗುತ್ತದೆ. ಲ್ಯಾಪ್‌ಟಾಪ್ ಅಥವಾ ಫೋನ್‌ಗಳಲ್ಲಿ ಕೆಲಸ ಮಾಡುವಾಗ ನಿರಂತರವಾಗಿ ಕುತ್ತಿಗೆ ಬಾಗಿಸುವುದು ಬೆನ್ನಿನ ಮೇಲೆ ಒತ್ತಡ ಬೀಳುತ್ತದೆ. ಇದು ಸಹ ನೋವಿಗೆ ಕಾರಣವಾಗುತ್ತದೆ. ಜೊತೆಗೆ ವಿಟಮಿನ್‌ಗಳು ಡಿ ಮತ್ತು ಕ್ಯಾಲ್ಸಿಯಂ ಸಾಮಾನ್ಯ ಮಟ್ಟದಲ್ಲಿದ್ದರೂ ಸಹ, ಈ ನೋವು ಕಡಿಮೆಯಾಗದೇ ಉಳಿಯುತ್ತದೆ.

▸ ಮಾನಸಿಕ ಒತ್ತಡವೂ ಒಂದು ಕಾರಣವಾಗಿರಬಹುದು:

ಕೆಲವೊಮ್ಮೆ ಮಾನಸಿಕ ಒತ್ತಡ ನೇರವಾಗಿ ಅಲ್ಲದಿದ್ದರೂ ಸ್ನಾಯು ನೋವಿಗೆ ಕಾರಣವಾಗಬಹುದು. ಮಾನಸಿಕ ಒತ್ತಡವು ಹಾರ್ಮೋನ್ ಸಮತೋಲನವನ್ನು ಅಡ್ಡಿಪಡಿಸುತ್ತದೆ, ಇದು ಸ್ನಾಯುಗಳನ್ನು ನಿರಂತರವಾಗಿ ಬಿಗಿಯಾಗಿರುವಂತೆ ಮಾಡುತ್ತದೆ ಮತ್ತು ನೋವನ್ನು ಉಂಟುಮಾಡುತ್ತದೆ. ಇನ್ನು, ಮಾನಸಿಕ ಒತ್ತಡದ ಜೊತೆಗೆ, ನಿದ್ರೆ ಸರಿಯಾಗಿ ಆಗದಿದ್ದರೂ ಕೂಡ ನೋವನ್ನು ಉಂಟುಮಾಡಬಹುದು.

▸ ನಿರ್ಜಲೀಕರಣ:

ವಿಟಮಿನ್ ಕೊರತೆ ಇಲ್ಲದಿದ್ದರೂ, ದೇಹದಲ್ಲಿ ನೀರಿನ ಕೊರತೆಯಿಂದಾಗಿ ಸ್ನಾಯು ನೋವು ಉಂಟಾಗಬಹುದು. ನೀರಿನ ಕೊರತೆಯು ದೇಹದಲ್ಲಿನ ಎಲೆಕ್ಟ್ರೋಲೈಟ್‌ಗಳನ್ನು ಕಡಿಮೆ ಮಾಡುತ್ತದೆ. ಅದರಲ್ಲಿಯೂ ಅತಿಯಾಗಿ ಬೆವರುವುದು, ಕ್ರೀಡಾಪಟುಗಳು ಸ್ನಾಯು ನೋವಿನ ಸಮಸ್ಯೆಗಳನ್ನು ಹೆಚ್ಚಾಗಿ ಎದುರಿಸುತ್ತಾರೆ. ಅಂತವರು ಕ್ಯಾಲ್ಸಿಯಂ, ವಿಟಮಿನ್ ಅಥವಾ ಪ್ರೋಟೀನ್‌ನ ಸೇವನೆಯನ್ನು ಸರಿಯಾಗಿ ಮಾಡುತ್ತಿದ್ದರೂ ಕೂಡ ನಿರ್ಜಲೀಕರಣದಿಂದ ಸ್ನಾಯು ನೋವು ಉಂಟಾಗುತ್ತದೆ.

▸ ಸ್ನಾಯು ನೋವನ್ನು ತಡೆಗಟ್ಟಲು ಸಲಹೆಗಳು:
• ಸರಿಯಾದ ಭಂಗಿಯಲ್ಲಿ ಕುಳಿತುಕೊಳ್ಳಿ ಹಾಗೂ ಒಂದು ಗಂಟೆಗಿಂತ ಹೆಚ್ಚು ಕಾಲ ಒಂದೇ ಕಡೆಯಲ್ಲಿ ಕುಳಿತುಕೊಳ್ಳುವುದನ್ನು ತಪ್ಪಿಸಿ.
• ಪ್ರತಿನಿತ್ಯ ಲಘು ವ್ಯಾಯಾಮ ಮಾಡುವುದನ್ನು ಮರೆಯಬೇಡಿ.
• ಹಗಲಿನಲ್ಲಿ ಕನಿಷ್ಠ 7 ರಿಂದ 8 ಗ್ಲಾಸ್ ನೀರು ಕುಡಿಯಿರಿ.
• 7 ರಿಂದ 8 ಗಂಟೆ ಸರಿಯಾಗಿ ನಿದ್ರೆ ಮಾಡಿ
